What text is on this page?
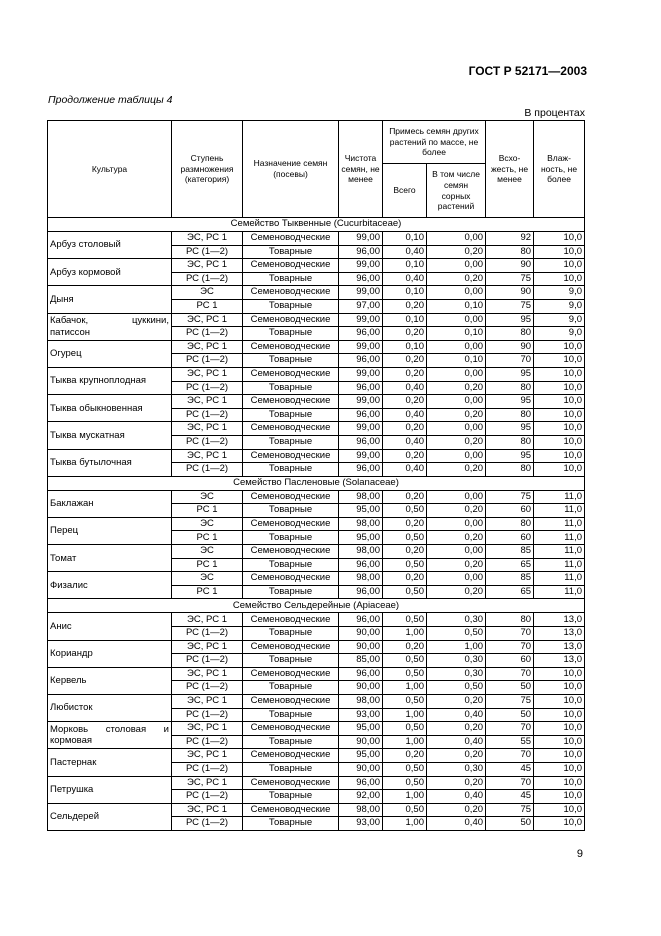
ГОСТ Р 52171—2003
Продолжение таблицы 4
В процентах
Культура	Ступень размножения (категория)	Назначение семян (посевы)	Чистота семян, не менее	Примесь семян других растений по массе, не более		Всхо-жесть, не менее	Влаж-ность, не более
				Всего	В том числе семян сорных растений		
Семейство Тыквенные (Cucurbitaceae)							
Арбуз столовый	ЭС, РС 1	Семеноводческие	99,00	0,10	0,00	92	10,0
	РС (1—2)	Товарные	96,00	0,40	0,20	80	10,0
Арбуз кормовой	ЭС, РС 1	Семеноводческие	99,00	0,10	0,00	90	10,0
	РС (1—2)	Товарные	96,00	0,40	0,20	75	10,0
Дыня	ЭС	Семеноводческие	99,00	0,10	0,00	90	9,0
	РС 1	Товарные	97,00	0,20	0,10	75	9,0
Кабачок, цуккини, патиссон	ЭС, РС 1	Семеноводческие	99,00	0,10	0,00	95	9,0
	РС (1—2)	Товарные	96,00	0,20	0,10	80	9,0
Огурец	ЭС, РС 1	Семеноводческие	99,00	0,10	0,00	90	10,0
	РС (1—2)	Товарные	96,00	0,20	0,10	70	10,0
Тыква крупноплодная	ЭС, РС 1	Семеноводческие	99,00	0,20	0,00	95	10,0
	РС (1—2)	Товарные	96,00	0,40	0,20	80	10,0
Тыква обыкновенная	ЭС, РС 1	Семеноводческие	99,00	0,20	0,00	95	10,0
	РС (1—2)	Товарные	96,00	0,40	0,20	80	10,0
Тыква мускатная	ЭС, РС 1	Семеноводческие	99,00	0,20	0,00	95	10,0
	РС (1—2)	Товарные	96,00	0,40	0,20	80	10,0
Тыква бутылочная	ЭС, РС 1	Семеноводческие	99,00	0,20	0,00	95	10,0
	РС (1—2)	Товарные	96,00	0,40	0,20	80	10,0
Семейство Пасленовые (Solanaceae)							
Баклажан	ЭС	Семеноводческие	98,00	0,20	0,00	75	11,0
	РС 1	Товарные	95,00	0,50	0,20	60	11,0
Перец	ЭС	Семеноводческие	98,00	0,20	0,00	80	11,0
	РС 1	Товарные	95,00	0,50	0,20	60	11,0
Томат	ЭС	Семеноводческие	98,00	0,20	0,00	85	11,0
	РС 1	Товарные	96,00	0,50	0,20	65	11,0
Физалис	ЭС	Семеноводческие	98,00	0,20	0,00	85	11,0
	РС 1	Товарные	96,00	0,50	0,20	65	11,0
Семейство Сельдерейные (Apiaceae)							
Анис	ЭС, РС 1	Семеноводческие	96,00	0,50	0,30	80	13,0
	РС (1—2)	Товарные	90,00	1,00	0,50	70	13,0
Кориандр	ЭС, РС 1	Семеноводческие	90,00	0,20	1,00	70	13,0
	РС (1—2)	Товарные	85,00	0,50	0,30	60	13,0
Кервель	ЭС, РС 1	Семеноводческие	96,00	0,50	0,30	70	10,0
	РС (1—2)	Товарные	90,00	1,00	0,50	50	10,0
Любисток	ЭС, РС 1	Семеноводческие	98,00	0,50	0,20	75	10,0
	РС (1—2)	Товарные	93,00	1,00	0,40	50	10,0
Морковь столовая и кормовая	ЭС, РС 1	Семеноводческие	95,00	0,50	0,20	70	10,0
	РС (1—2)	Товарные	90,00	1,00	0,40	55	10,0
Пастернак	ЭС, РС 1	Семеноводческие	95,00	0,20	0,20	70	10,0
	РС (1—2)	Товарные	90,00	0,50	0,30	45	10,0
Петрушка	ЭС, РС 1	Семеноводческие	96,00	0,50	0,20	70	10,0
	РС (1—2)	Товарные	92,00	1,00	0,40	45	10,0
Сельдерей	ЭС, РС 1	Семеноводческие	98,00	0,50	0,20	75	10,0
	РС (1—2)	Товарные	93,00	1,00	0,40	50	10,0
9
